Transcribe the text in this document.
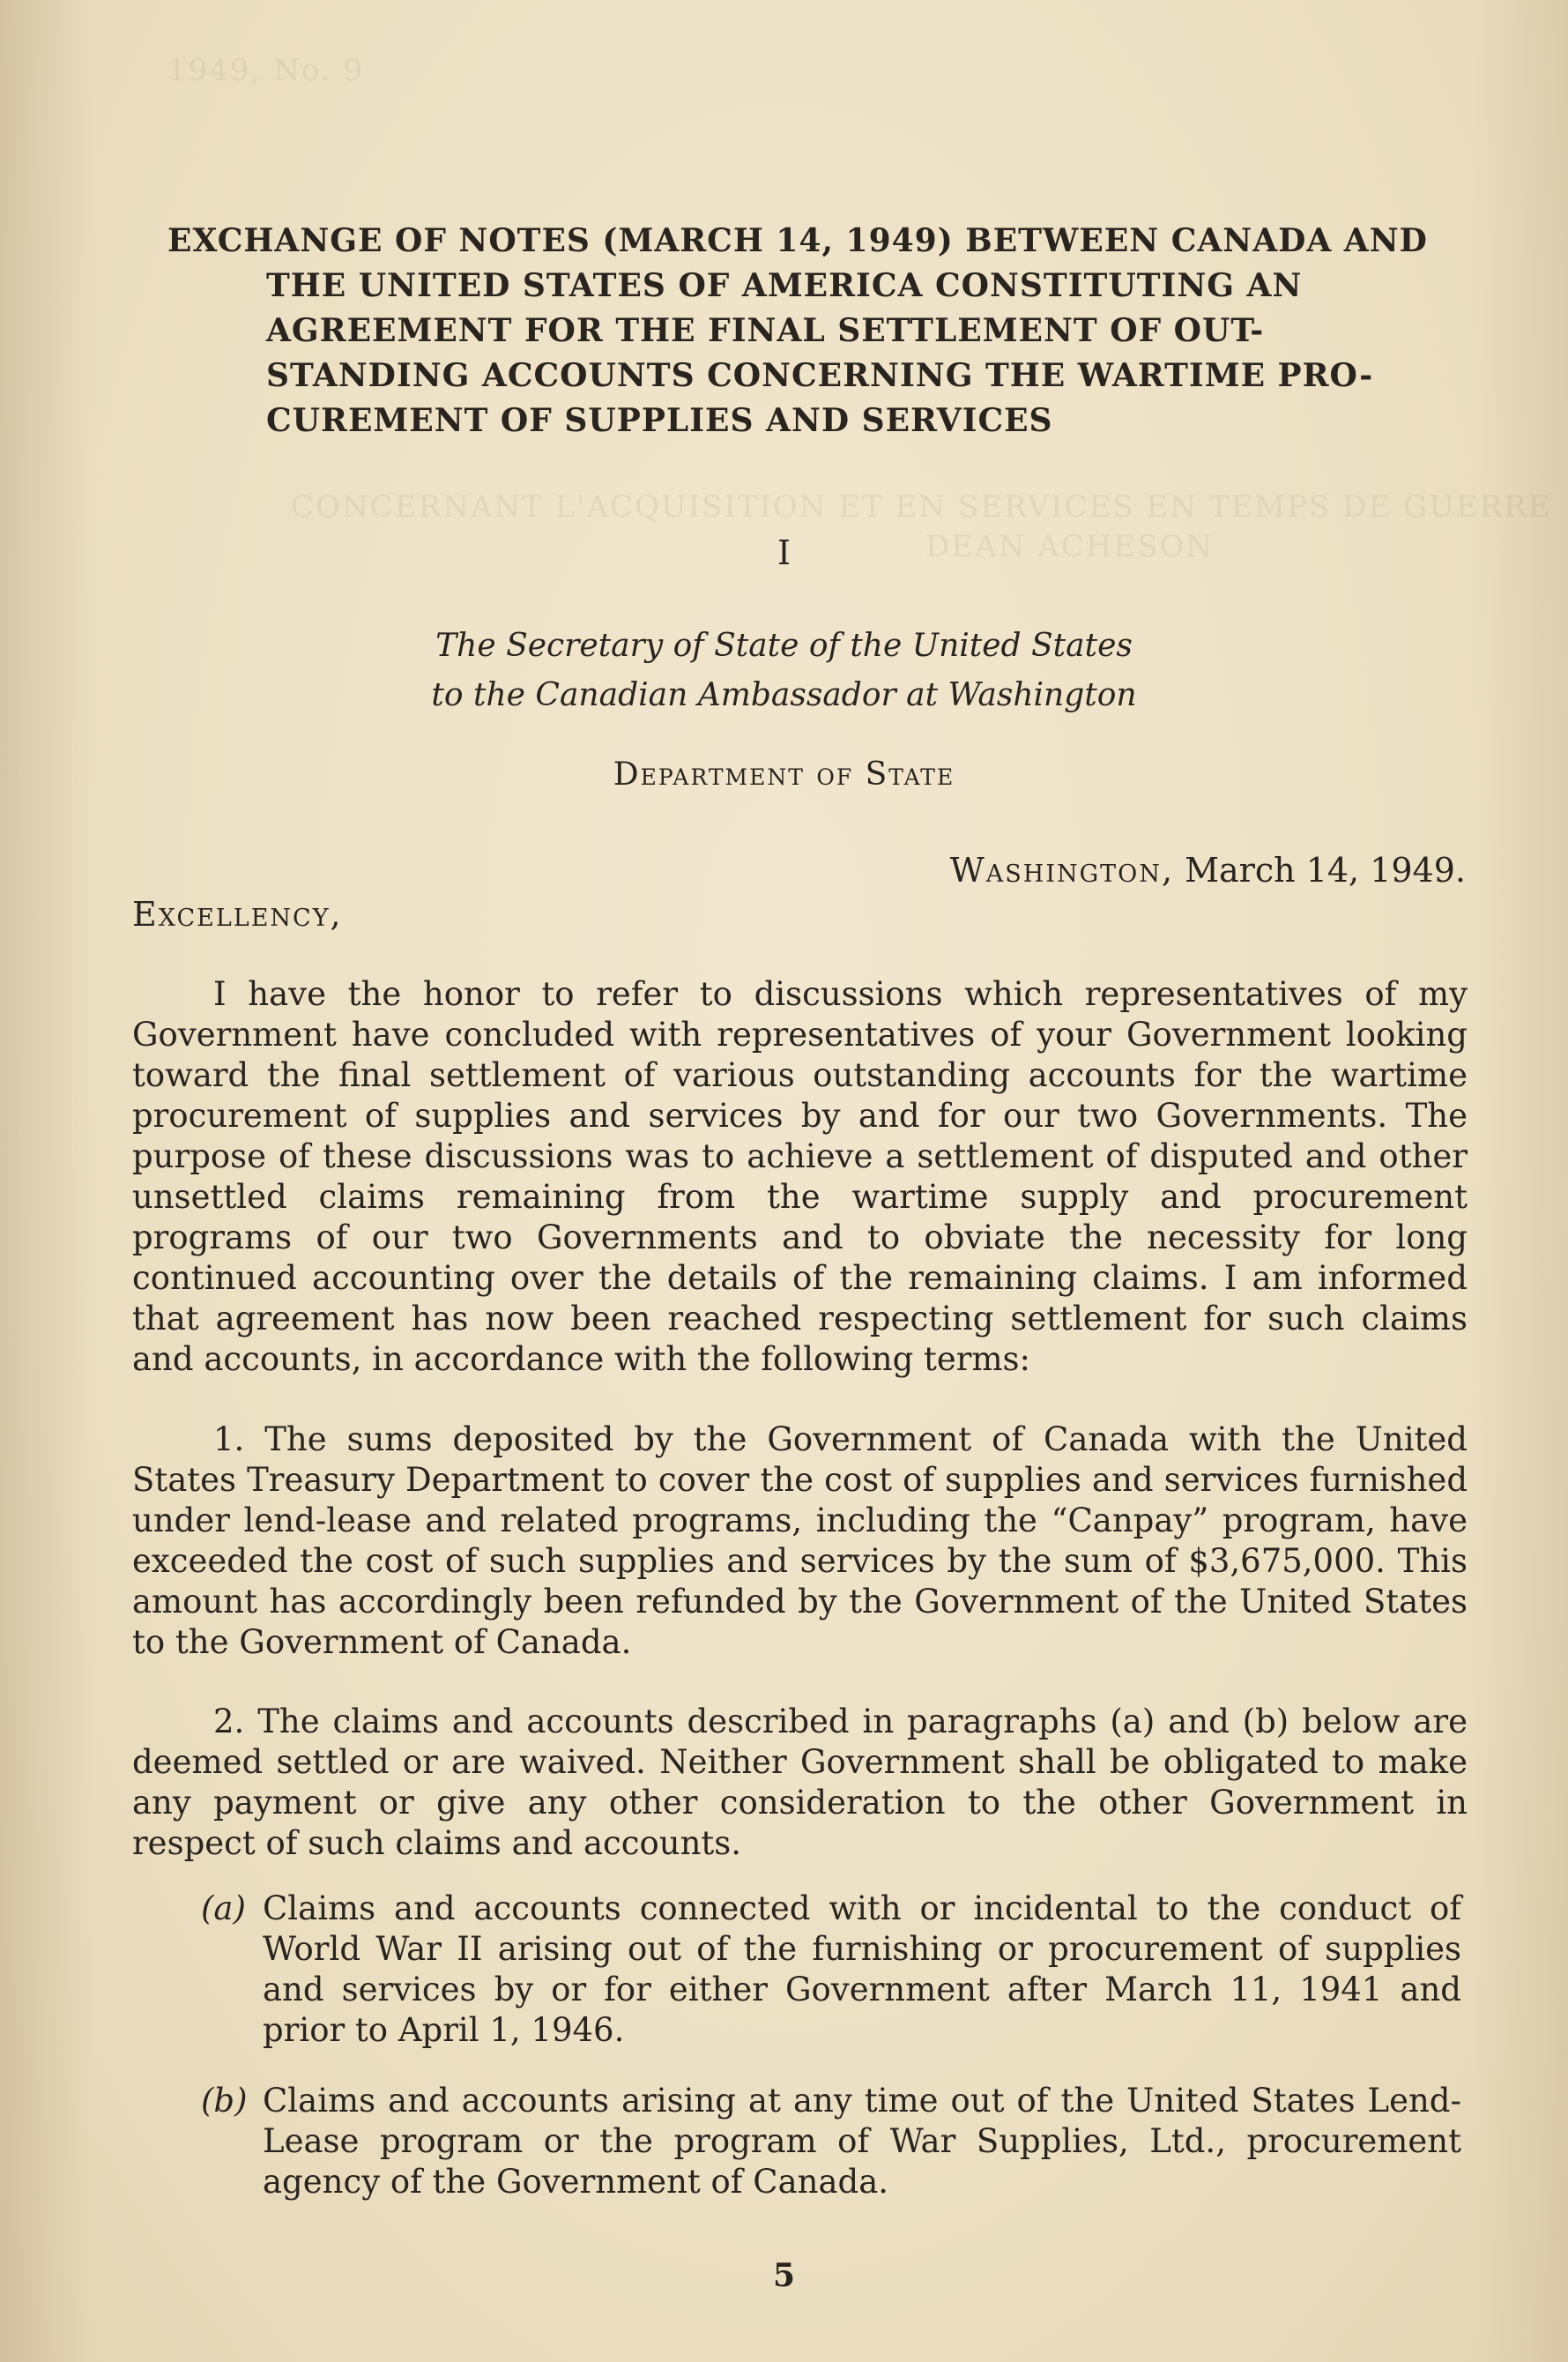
1949, No. 9
CONCERNANT L'ACQUISITION ET EN SERVICES EN TEMPS DE GUERRE
DEAN ACHESON
EXCHANGE OF NOTES (MARCH 14, 1949) BETWEEN CANADA AND
THE UNITED STATES OF AMERICA CONSTITUTING AN
AGREEMENT FOR THE FINAL SETTLEMENT OF OUT-
STANDING ACCOUNTS CONCERNING THE WARTIME PRO-
CUREMENT OF SUPPLIES AND SERVICES
I
The Secretary of State of the United States
to the Canadian Ambassador at Washington
Department of State
Washington, March 14, 1949.
Excellency,
I have the honor to refer to discussions which representatives of my Government have concluded with representatives of your Government looking toward the final settlement of various outstanding accounts for the wartime procurement of supplies and services by and for our two Governments. The purpose of these discussions was to achieve a settlement of disputed and other unsettled claims remaining from the wartime supply and procurement programs of our two Governments and to obviate the necessity for long continued accounting over the details of the remaining claims. I am informed that agreement has now been reached respecting settlement for such claims and accounts, in accordance with the following terms:
1. The sums deposited by the Government of Canada with the United States Treasury Department to cover the cost of supplies and services furnished under lend-lease and related programs, including the “Canpay” program, have exceeded the cost of such supplies and services by the sum of $3,675,000. This amount has accordingly been refunded by the Government of the United States to the Government of Canada.
2. The claims and accounts described in paragraphs (a) and (b) below are deemed settled or are waived. Neither Government shall be obligated to make any payment or give any other consideration to the other Government in respect of such claims and accounts.
(a) Claims and accounts connected with or incidental to the conduct of World War II arising out of the furnishing or procurement of supplies and services by or for either Government after March 11, 1941 and prior to April 1, 1946.
(b) Claims and accounts arising at any time out of the United States Lend-Lease program or the program of War Supplies, Ltd., procurement agency of the Government of Canada.
5
